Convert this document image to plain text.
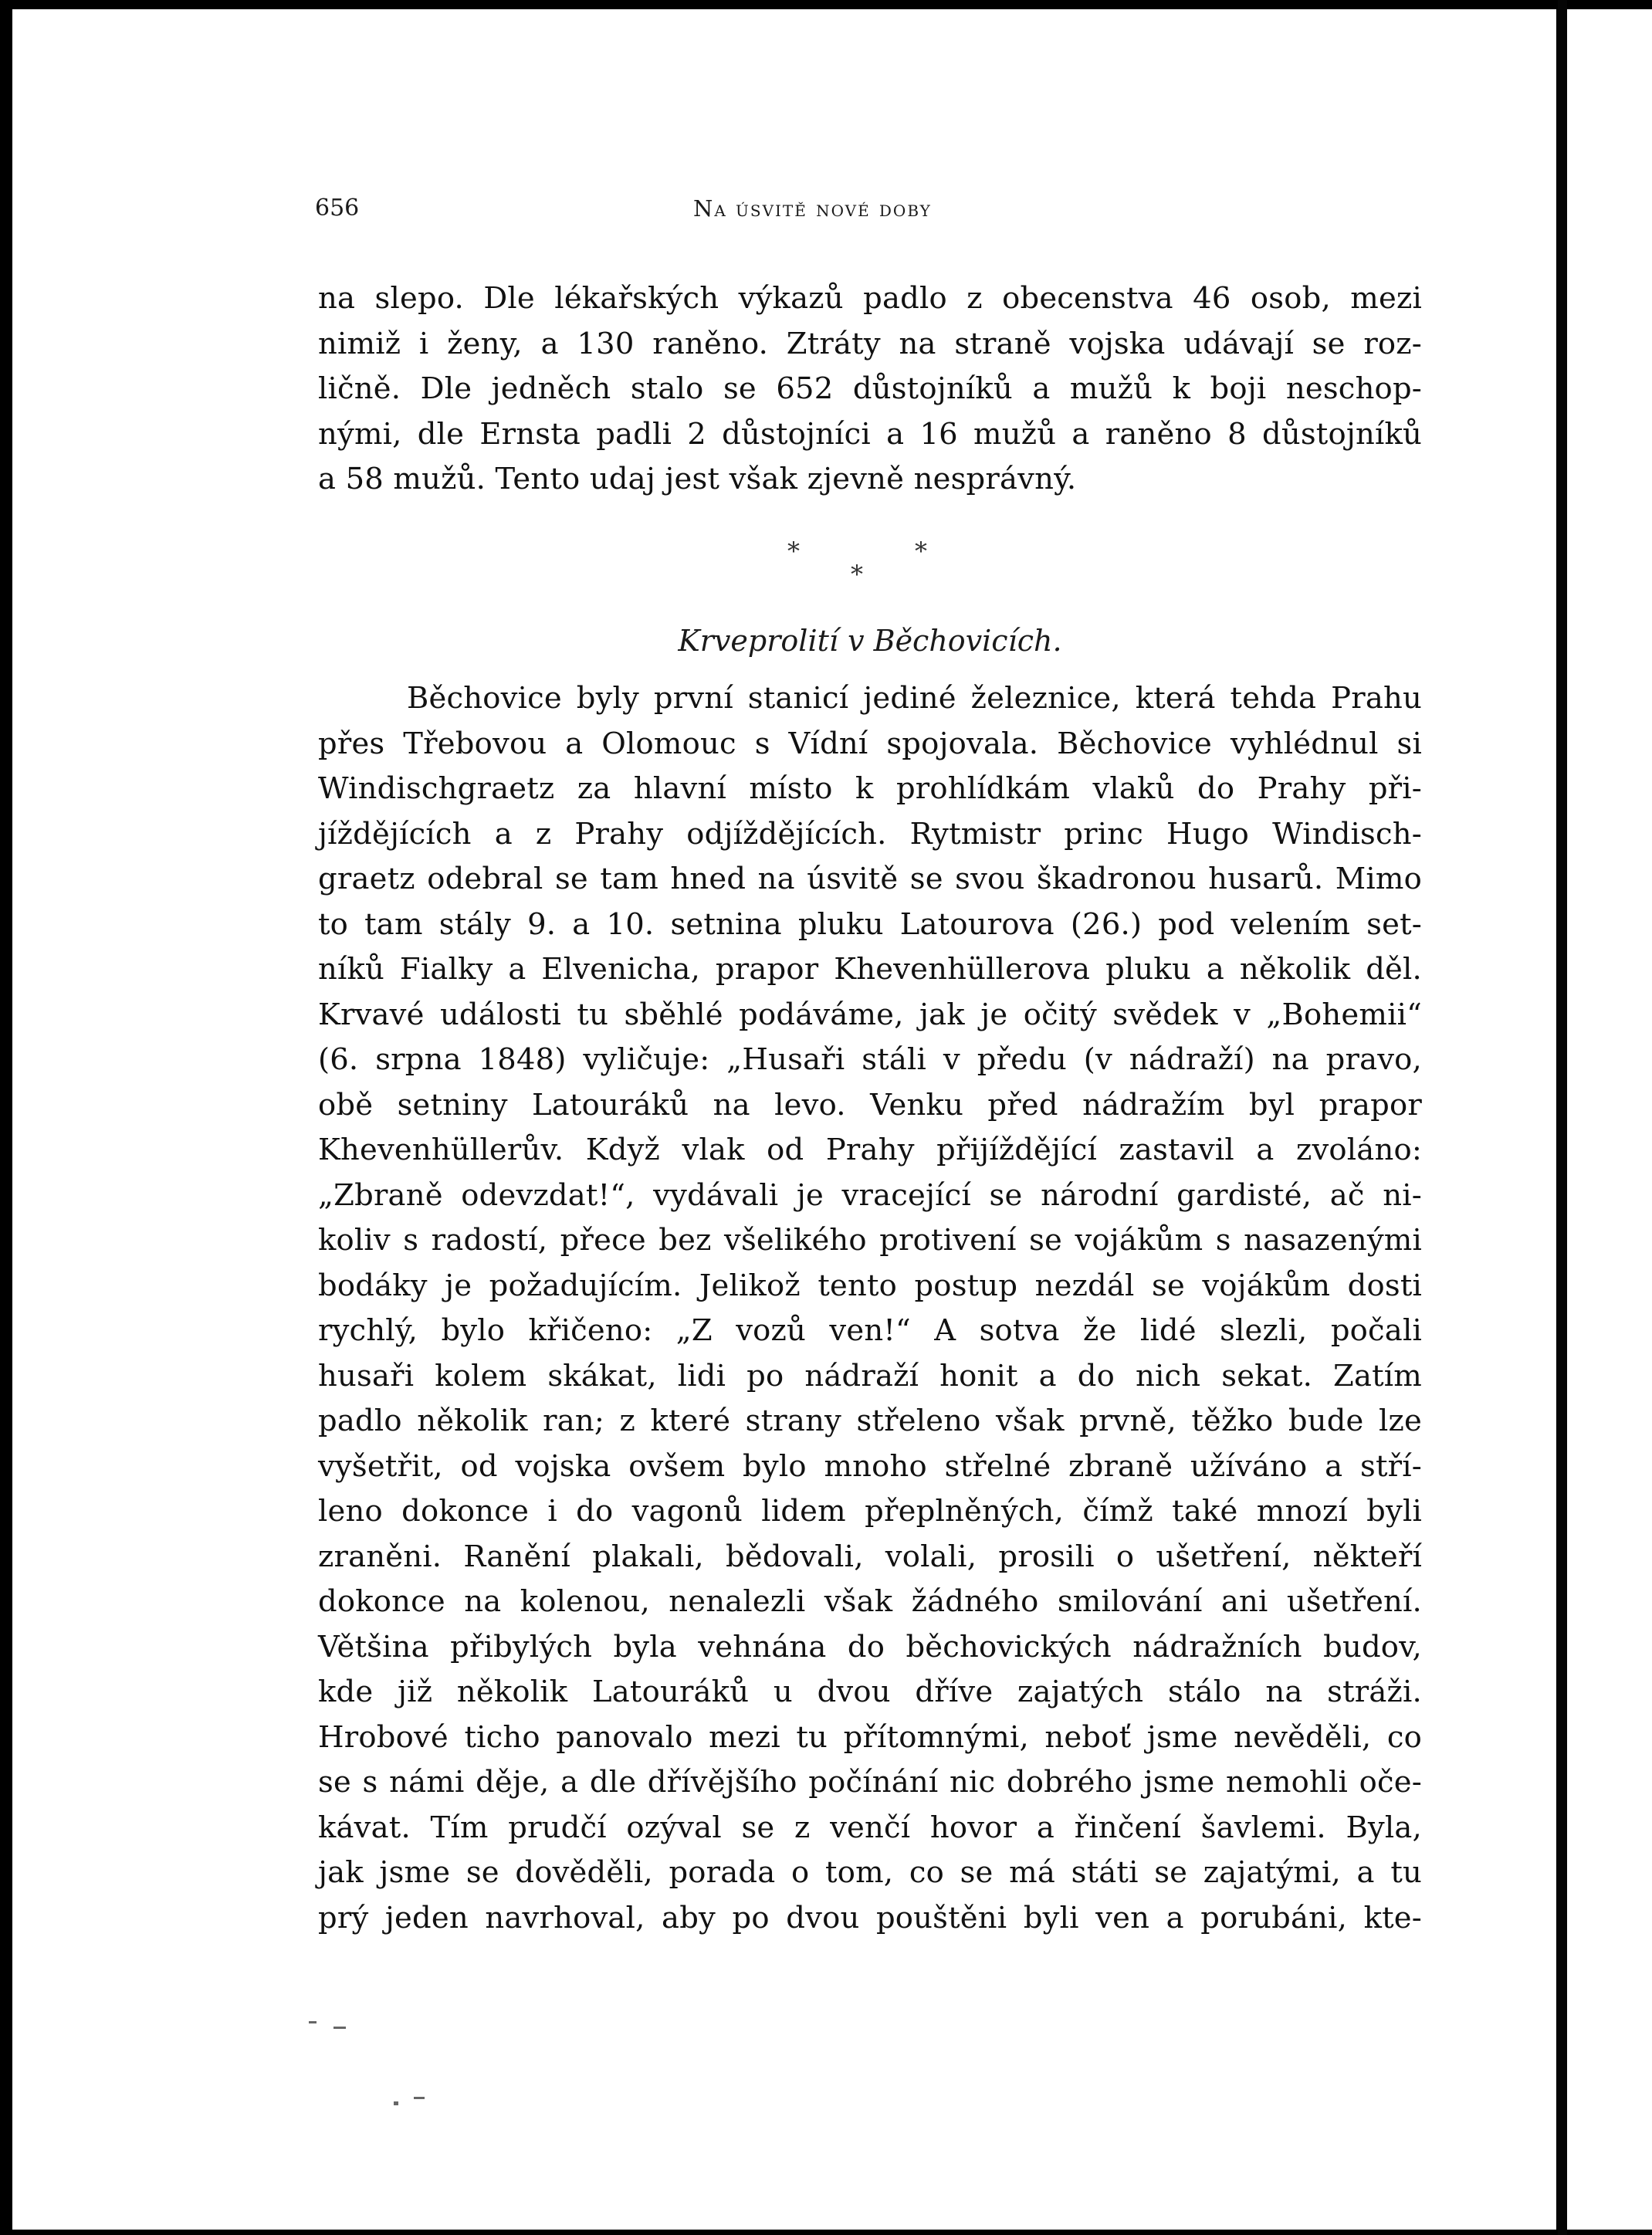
656	Na úsvitě nové doby
na slepo. Dle lékařských výkazů padlo z obecenstva 46 osob, mezi
nimiž i ženy, a 130 raněno. Ztráty na straně vojska udávají se roz-
ličně. Dle jedněch stalo se 652 důstojníků a mužů k boji neschop-
nými, dle Ernsta padli 2 důstojníci a 16 mužů a raněno 8 důstojníků
a 58 mužů. Tento udaj jest však zjevně nesprávný.
*	*
*
Krveprolití v Běchovicích.
Běchovice byly první stanicí jediné železnice, která tehda Prahu
přes Třebovou a Olomouc s Vídní spojovala. Běchovice vyhlédnul si
Windischgraetz za hlavní místo k prohlídkám vlaků do Prahy při-
jíždějících a z Prahy odjíždějících. Rytmistr princ Hugo Windisch-
graetz odebral se tam hned na úsvitě se svou škadronou husarů. Mimo
to tam stály 9. a 10. setnina pluku Latourova (26.) pod velením set-
níků Fialky a Elvenicha, prapor Khevenhüllerova pluku a několik děl.
Krvavé události tu sběhlé podáváme, jak je očitý svědek v „Bohemii“
(6. srpna 1848) vyličuje: „Husaři stáli v předu (v nádraží) na pravo,
obě setniny Latouráků na levo. Venku před nádražím byl prapor
Khevenhüllerův. Když vlak od Prahy přijíždějící zastavil a zvoláno:
„Zbraně odevzdat!“, vydávali je vracející se národní gardisté, ač ni-
koliv s radostí, přece bez všelikého protivení se vojákům s nasazenými
bodáky je požadujícím. Jelikož tento postup nezdál se vojákům dosti
rychlý, bylo křičeno: „Z vozů ven!“ A sotva že lidé slezli, počali
husaři kolem skákat, lidi po nádraží honit a do nich sekat. Zatím
padlo několik ran; z které strany střeleno však prvně, těžko bude lze
vyšetřit, od vojska ovšem bylo mnoho střelné zbraně užíváno a stří-
leno dokonce i do vagonů lidem přeplněných, čímž také mnozí byli
zraněni. Ranění plakali, bědovali, volali, prosili o ušetření, někteří
dokonce na kolenou, nenalezli však žádného smilování ani ušetření.
Většina přibylých byla vehnána do běchovických nádražních budov,
kde již několik Latouráků u dvou dříve zajatých stálo na stráži.
Hrobové ticho panovalo mezi tu přítomnými, neboť jsme nevěděli, co
se s námi děje, a dle dřívějšího počínání nic dobrého jsme nemohli oče-
kávat. Tím prudčí ozýval se z venčí hovor a řinčení šavlemi. Byla,
jak jsme se dověděli, porada o tom, co se má státi se zajatými, a tu
prý jeden navrhoval, aby po dvou pouštěni byli ven a porubáni, kte-
